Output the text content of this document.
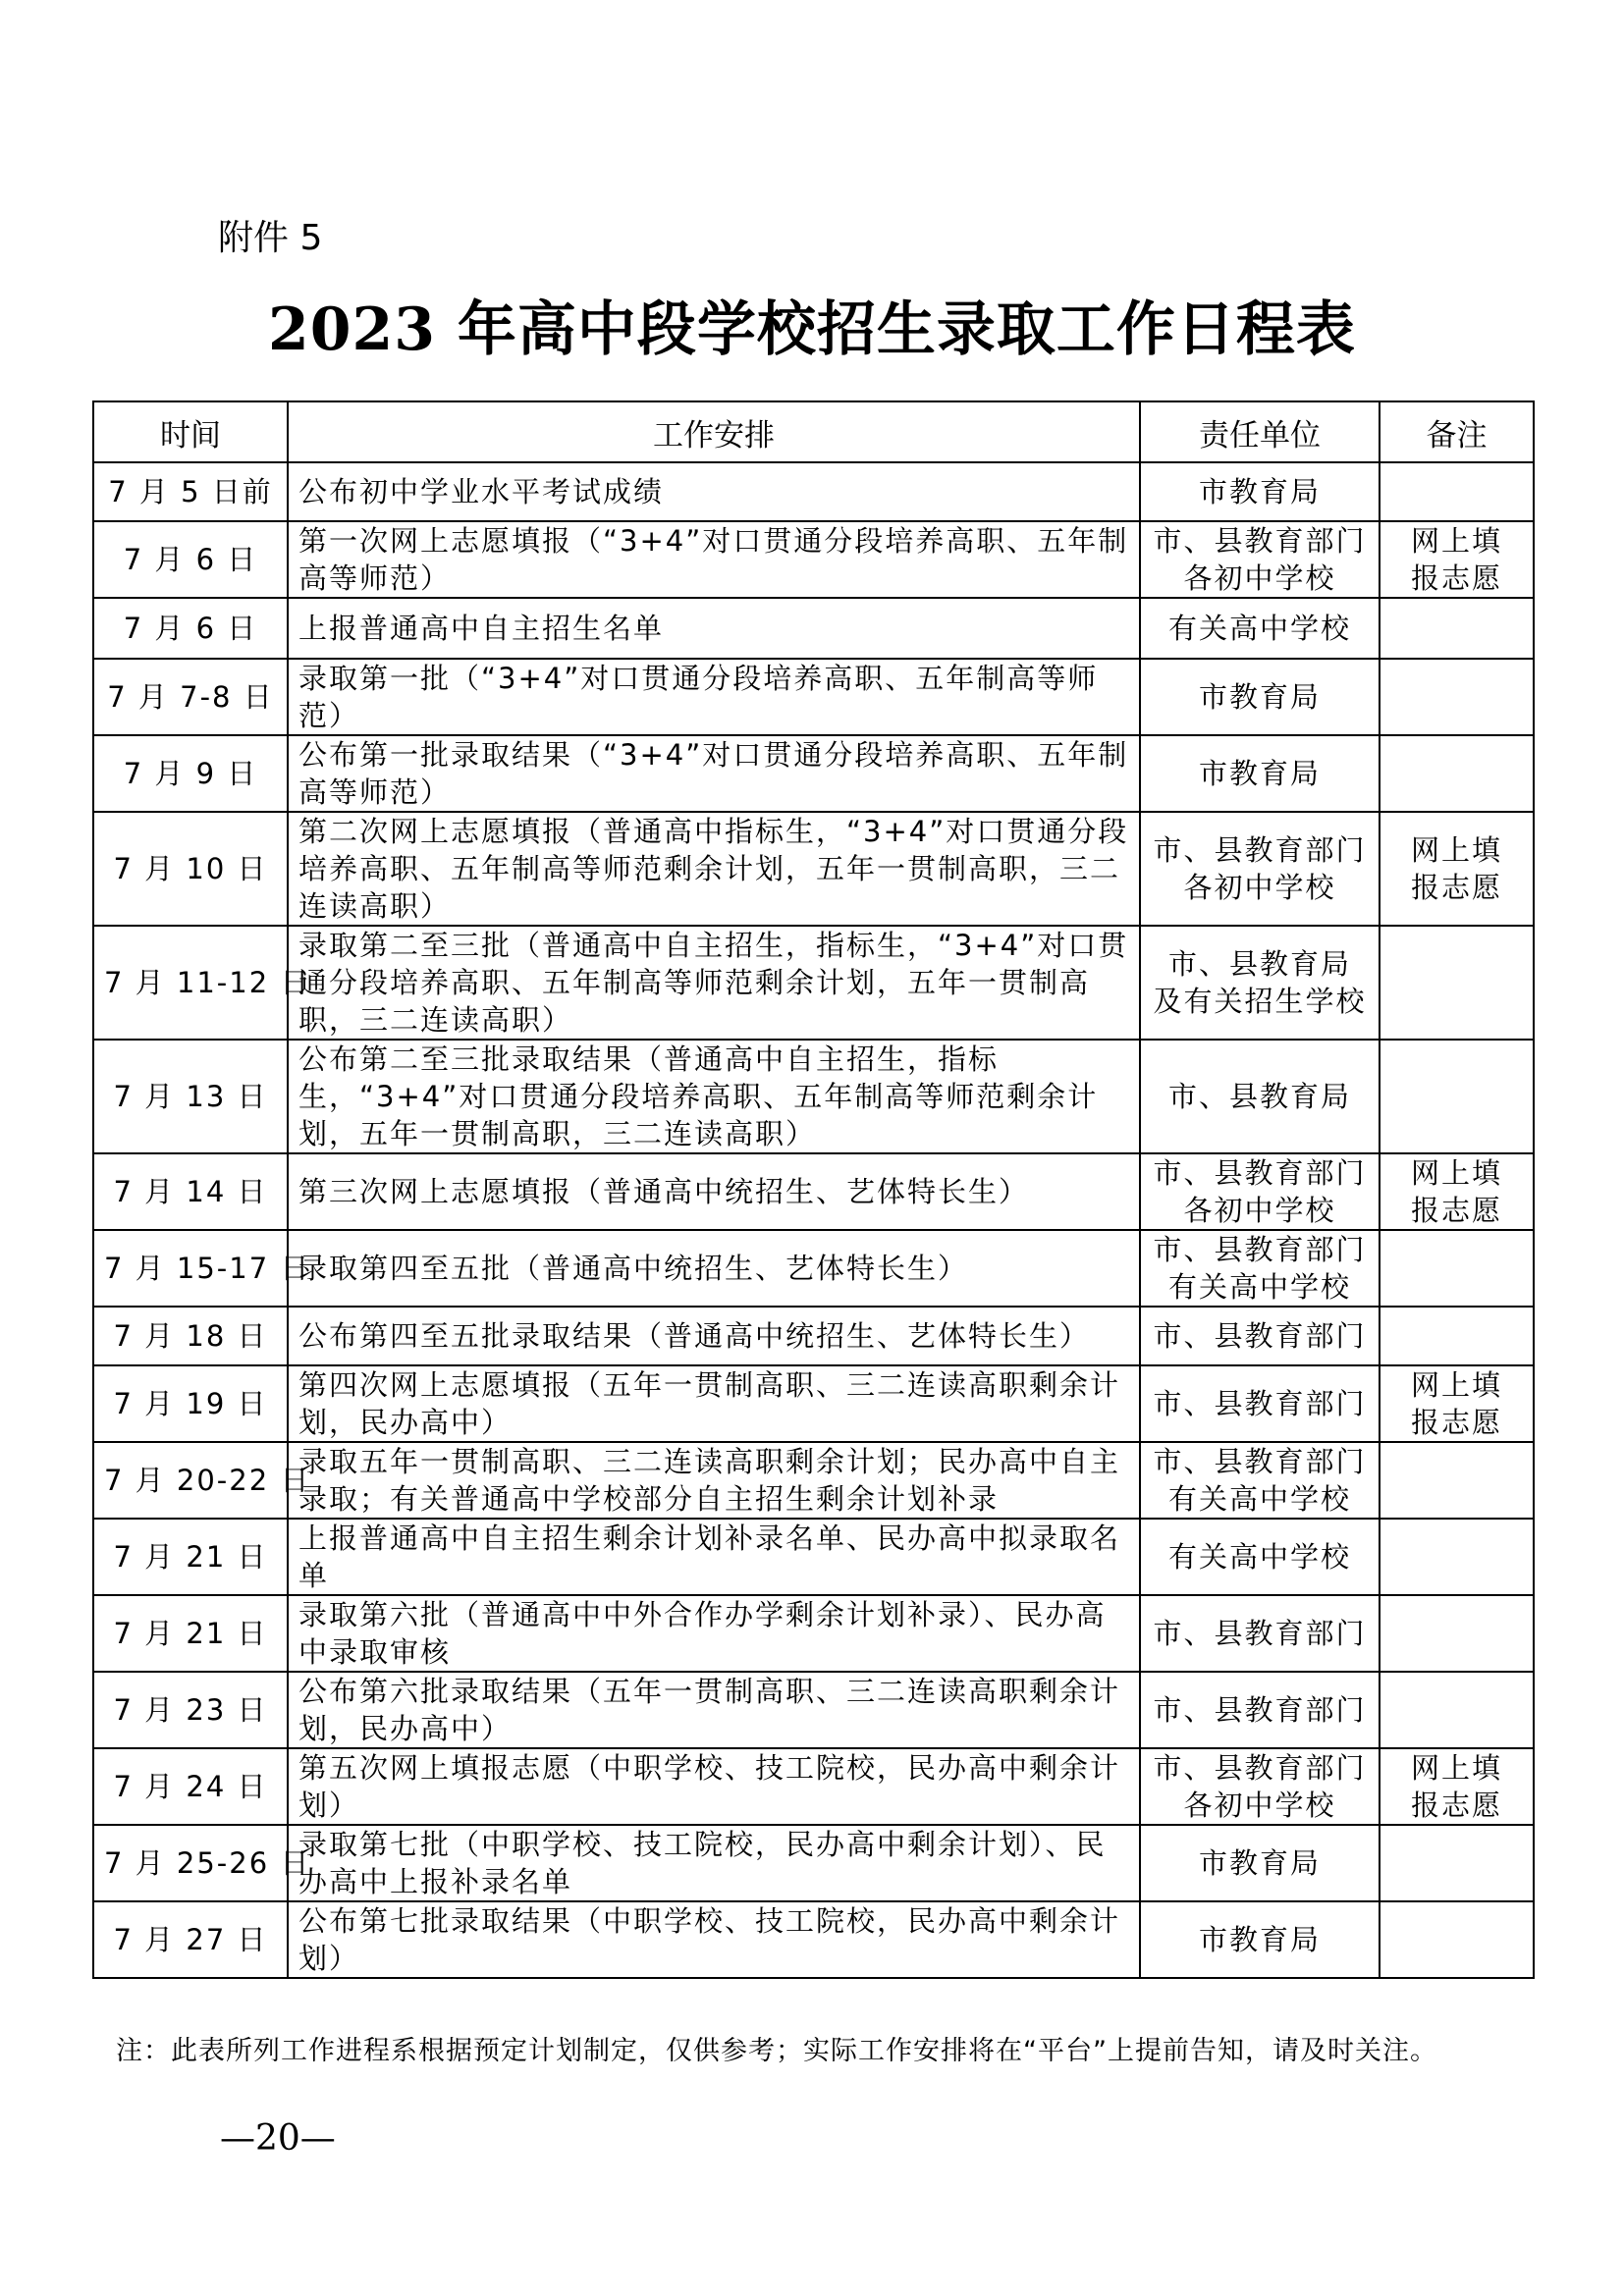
附件 5
2023 年高中段学校招生录取工作日程表
时间	工作安排	责任单位	备注
7 月 5 日前	公布初中学业水平考试成绩	市教育局	
7 月 6 日	第一次网上志愿填报（“3+4”对口贯通分段培养高职、五年制高等师范）	市、县教育部门 各初中学校	网上填 报志愿
7 月 6 日	上报普通高中自主招生名单	有关高中学校	
7 月 7-8 日	录取第一批（“3+4”对口贯通分段培养高职、五年制高等师范）	市教育局	
7 月 9 日	公布第一批录取结果（“3+4”对口贯通分段培养高职、五年制高等师范）	市教育局	
7 月 10 日	第二次网上志愿填报（普通高中指标生，“3+4”对口贯通分段培养高职、五年制高等师范剩余计划，五年一贯制高职，三二连读高职）	市、县教育部门 各初中学校	网上填 报志愿
7 月 11-12 日	录取第二至三批（普通高中自主招生，指标生，“3+4”对口贯通分段培养高职、五年制高等师范剩余计划，五年一贯制高职，三二连读高职）	市、县教育局 及有关招生学校	
7 月 13 日	公布第二至三批录取结果（普通高中自主招生，指标生，“3+4”对口贯通分段培养高职、五年制高等师范剩余计划，五年一贯制高职，三二连读高职）	市、县教育局	
7 月 14 日	第三次网上志愿填报（普通高中统招生、艺体特长生）	市、县教育部门 各初中学校	网上填 报志愿
7 月 15-17 日	录取第四至五批（普通高中统招生、艺体特长生）	市、县教育部门 有关高中学校	
7 月 18 日	公布第四至五批录取结果（普通高中统招生、艺体特长生）	市、县教育部门	
7 月 19 日	第四次网上志愿填报（五年一贯制高职、三二连读高职剩余计划，民办高中）	市、县教育部门	网上填 报志愿
7 月 20-22 日	录取五年一贯制高职、三二连读高职剩余计划；民办高中自主录取；有关普通高中学校部分自主招生剩余计划补录	市、县教育部门 有关高中学校	
7 月 21 日	上报普通高中自主招生剩余计划补录名单、民办高中拟录取名单	有关高中学校	
7 月 21 日	录取第六批（普通高中中外合作办学剩余计划补录）、民办高中录取审核	市、县教育部门	
7 月 23 日	公布第六批录取结果（五年一贯制高职、三二连读高职剩余计划，民办高中）	市、县教育部门	
7 月 24 日	第五次网上填报志愿（中职学校、技工院校，民办高中剩余计划）	市、县教育部门 各初中学校	网上填 报志愿
7 月 25-26 日	录取第七批（中职学校、技工院校，民办高中剩余计划）、民办高中上报补录名单	市教育局	
7 月 27 日	公布第七批录取结果（中职学校、技工院校，民办高中剩余计划）	市教育局	
注：此表所列工作进程系根据预定计划制定，仅供参考；实际工作安排将在“平台”上提前告知，请及时关注。
—20—
